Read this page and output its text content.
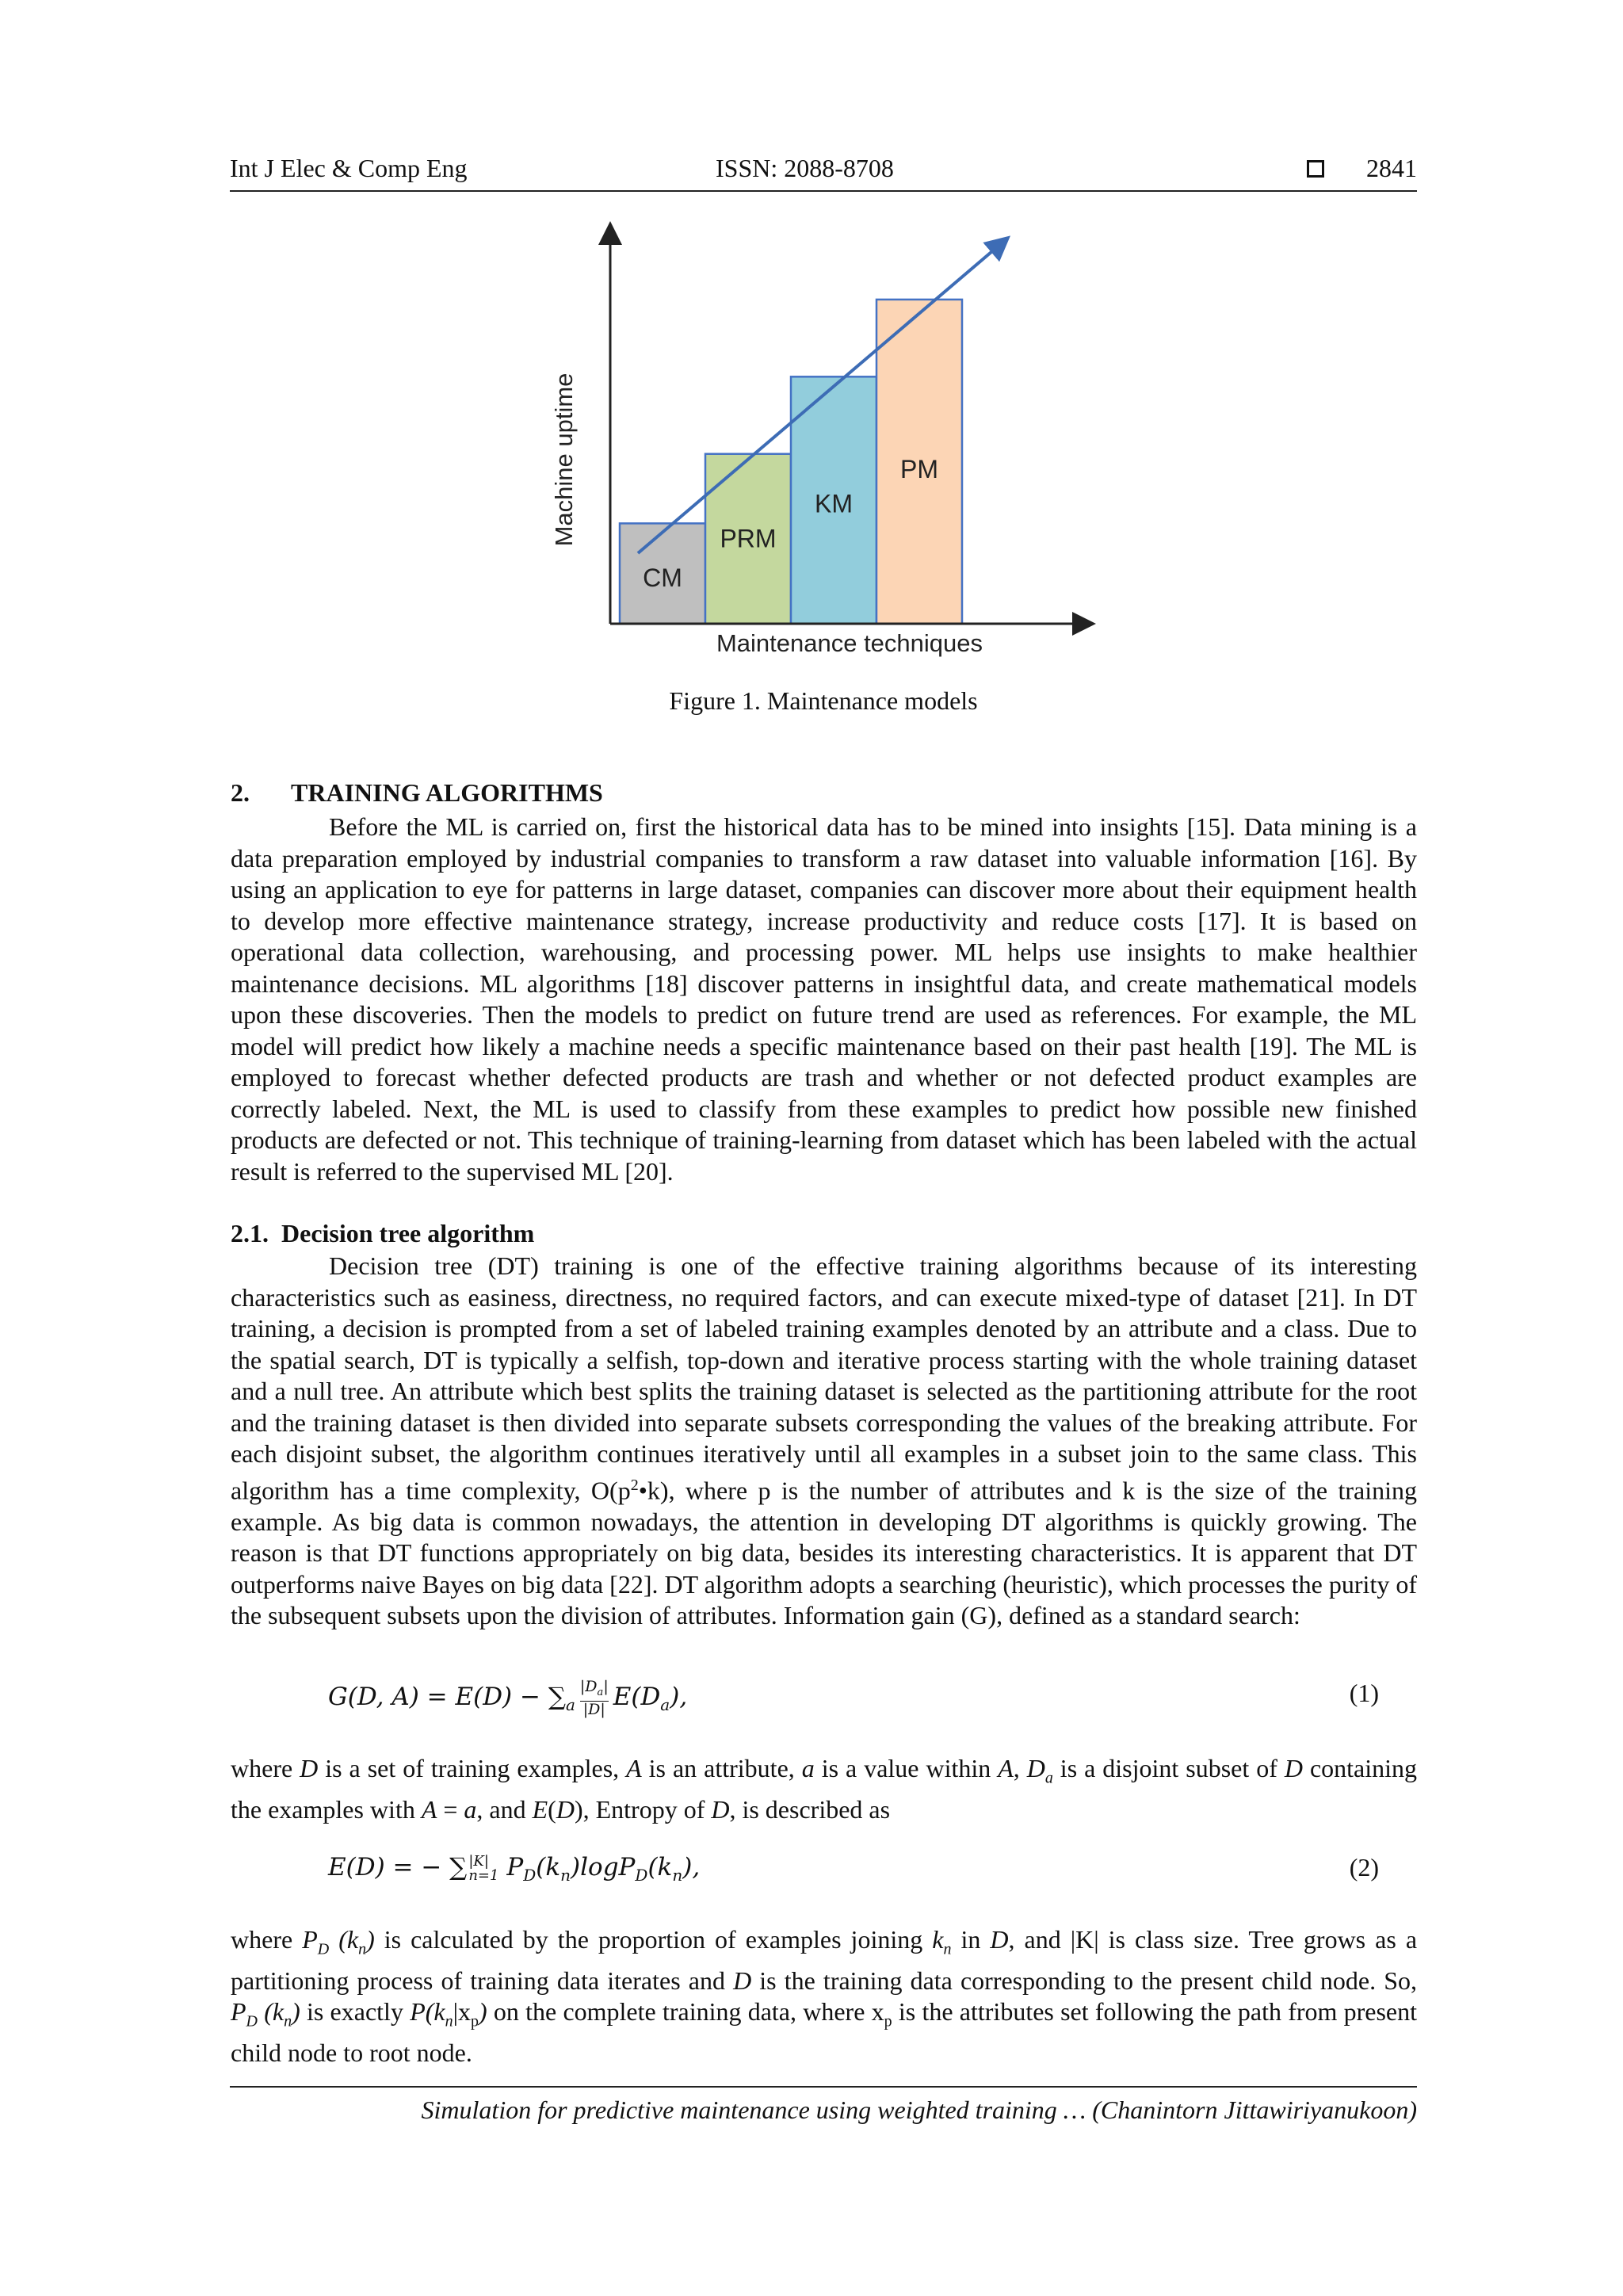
Int J Elec & Comp Eng	ISSN: 2088-8708	2841
CM
PRM
KM
PM
Maintenance techniques
Machine uptime
Figure 1. Maintenance models
2. TRAINING ALGORITHMS

Before the ML is carried on, first the historical data has to be mined into insights [15]. Data mining is a data preparation employed by industrial companies to transform a raw dataset into valuable information [16]. By using an application to eye for patterns in large dataset, companies can discover more about their equipment health to develop more effective maintenance strategy, increase productivity and reduce costs [17]. It is based on operational data collection, warehousing, and processing power. ML helps use insights to make healthier maintenance decisions. ML algorithms [18] discover patterns in insightful data, and create mathematical models upon these discoveries. Then the models to predict on future trend are used as references. For example, the ML model will predict how likely a machine needs a specific maintenance based on their past health [19]. The ML is employed to forecast whether defected products are trash and whether or not defected product examples are correctly labeled. Next, the ML is used to classify from these examples to predict how possible new finished products are defected or not. This technique of training-learning from dataset which has been labeled with the actual result is referred to the supervised ML [20].

2.1. Decision tree algorithm

Decision tree (DT) training is one of the effective training algorithms because of its interesting characteristics such as easiness, directness, no required factors, and can execute mixed-type of dataset [21]. In DT training, a decision is prompted from a set of labeled training examples denoted by an attribute and a class. Due to the spatial search, DT is typically a selfish, top-down and iterative process starting with the whole training dataset and a null tree. An attribute which best splits the training dataset is selected as the partitioning attribute for the root and the training dataset is then divided into separate subsets corresponding the values of the breaking attribute. For each disjoint subset, the algorithm continues iteratively until all examples in a subset join to the same class. This algorithm has a time complexity, $O(p^2•k)$, where p is the number of attributes and k is the size of the training example. As big data is common nowadays, the attention in developing DT algorithms is quickly growing. The reason is that DT functions appropriately on big data, besides its interesting characteristics. It is apparent that DT outperforms naive Bayes on big data [22]. DT algorithm adopts a searching (heuristic), which processes the purity of the subsequent subsets upon the division of attributes. Information gain (G), defined as a standard search:

G(D, $A) = E(D) - \sum_a \frac{|D_a|}{|D|} E(D_a)$,	(1)

where D is a set of training examples, A is an attribute, a is a value within A, $D_a$ is a disjoint subset of D containing the examples with A = a, and E(D), Entropy of D, is described as

E(D) = − ∑ |K|
n=1 $P_D(k_n)\log P_D(k_n)$,	(2)

where $P_D$ $(k_n)$ is calculated by the proportion of examples joining $k_n$ in D, and |K| is class size. Tree grows as a partitioning process of training data iterates and D is the training data corresponding to the present child node. So, $P_D$ $(k_n)$ is exactly $P(k_n|x_p)$ on the complete training data, where $x_p$ is the attributes set following the path from present child node to root node.

Simulation for predictive maintenance using weighted training … (Chanintorn Jittawiriyanukoon)
